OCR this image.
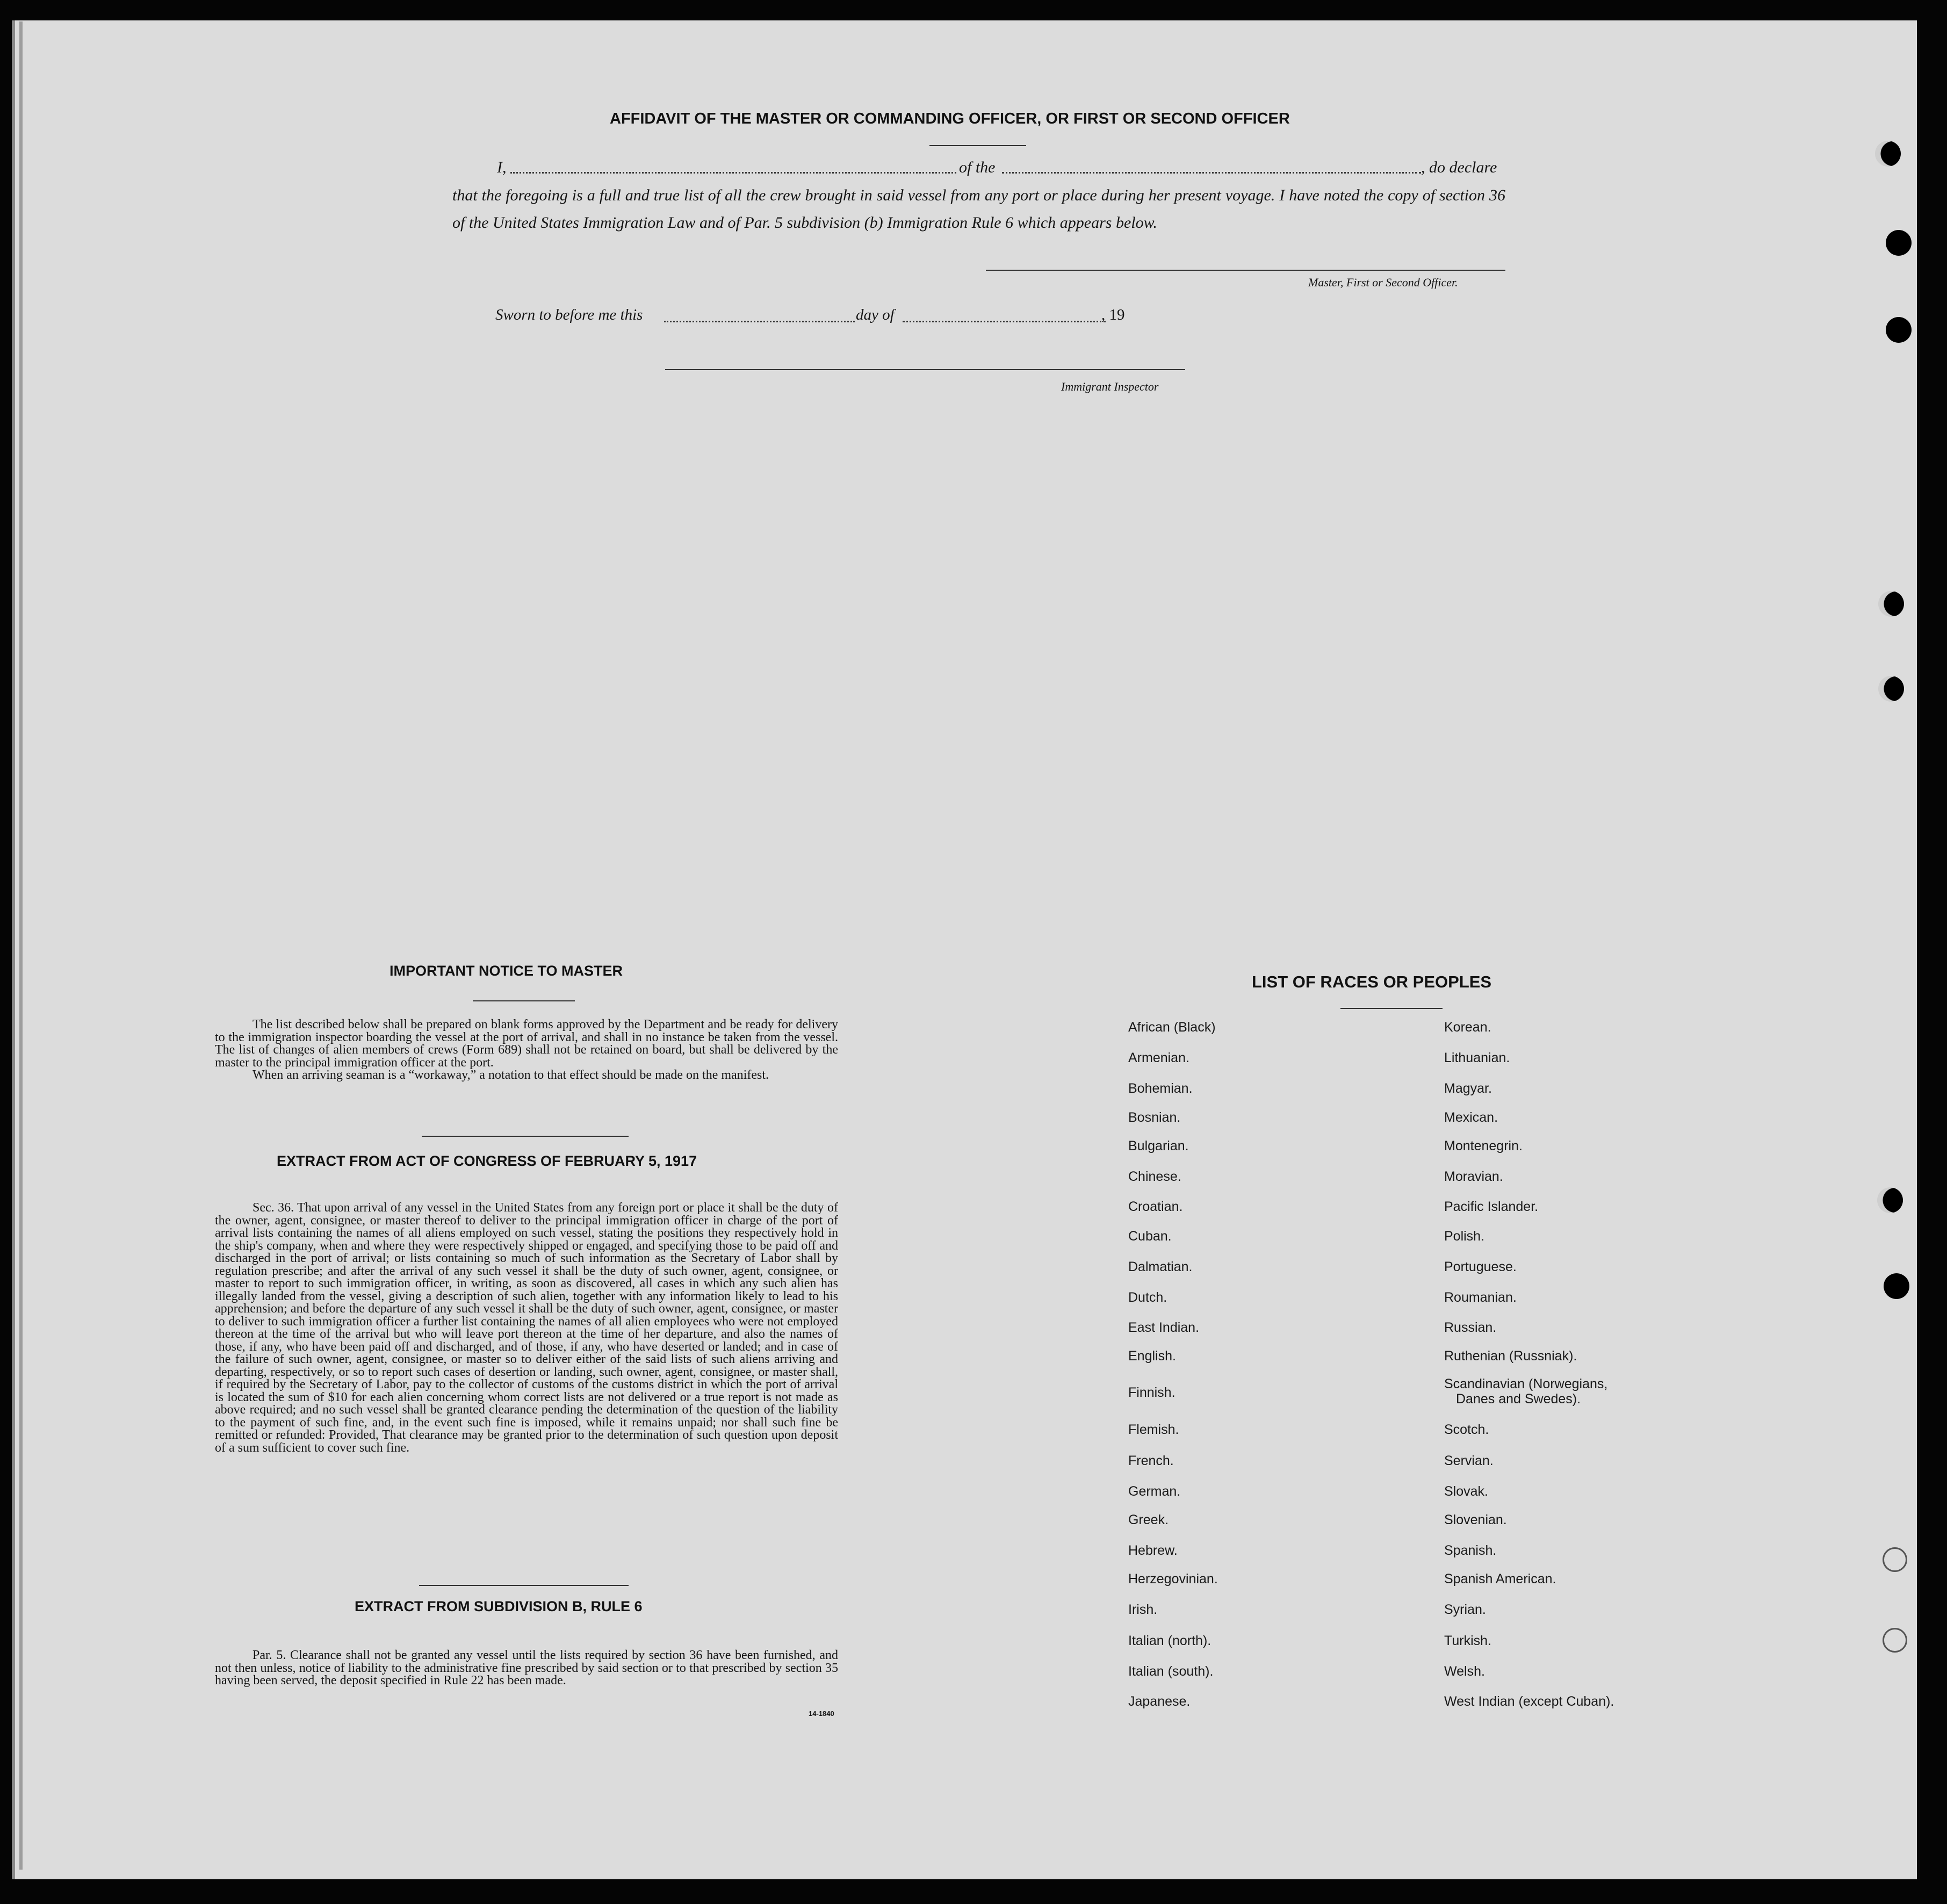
AFFIDAVIT OF THE MASTER OR COMMANDING OFFICER, OR FIRST OR SECOND OFFICER
I,	of the	, do declare
that the foregoing is a full and true list of all the crew brought in said vessel from any port or place during her present voyage. I have noted the copy of section 36 of the United States Immigration Law and of Par. 5 subdivision (b) Immigration Rule 6 which appears below.
Master, First or Second Officer.
Sworn to before me this	day of	, 19
Immigrant Inspector
IMPORTANT NOTICE TO MASTER

The list described below shall be prepared on blank forms approved by the Department and be ready for delivery to the immigration inspector boarding the vessel at the port of arrival, and shall in no instance be taken from the vessel. The list of changes of alien members of crews (Form 689) shall not be retained on board, but shall be delivered by the master to the principal immigration officer at the port.

When an arriving seaman is a “workaway,” a notation to that effect should be made on the manifest.

EXTRACT FROM ACT OF CONGRESS OF FEBRUARY 5, 1917

Sec. 36. That upon arrival of any vessel in the United States from any foreign port or place it shall be the duty of the owner, agent, consignee, or master thereof to deliver to the principal immigration officer in charge of the port of arrival lists containing the names of all aliens employed on such vessel, stating the positions they respectively hold in the ship's company, when and where they were respectively shipped or engaged, and specifying those to be paid off and discharged in the port of arrival; or lists containing so much of such information as the Secretary of Labor shall by regulation prescribe; and after the arrival of any such vessel it shall be the duty of such owner, agent, consignee, or master to report to such immigration officer, in writing, as soon as discovered, all cases in which any such alien has illegally landed from the vessel, giving a description of such alien, together with any information likely to lead to his apprehension; and before the departure of any such vessel it shall be the duty of such owner, agent, consignee, or master to deliver to such immigration officer a further list containing the names of all alien employees who were not employed thereon at the time of the arrival but who will leave port thereon at the time of her departure, and also the names of those, if any, who have been paid off and discharged, and of those, if any, who have deserted or landed; and in case of the failure of such owner, agent, consignee, or master so to deliver either of the said lists of such aliens arriving and departing, respectively, or so to report such cases of desertion or landing, such owner, agent, consignee, or master shall, if required by the Secretary of Labor, pay to the collector of customs of the customs district in which the port of arrival is located the sum of $10 for each alien concerning whom correct lists are not delivered or a true report is not made as above required; and no such vessel shall be granted clearance pending the determination of the question of the liability to the payment of such fine, and, in the event such fine is imposed, while it remains unpaid; nor shall such fine be remitted or refunded: Provided, That clearance may be granted prior to the determination of such question upon deposit of a sum sufficient to cover such fine.

EXTRACT FROM SUBDIVISION B, RULE 6

Par. 5. Clearance shall not be granted any vessel until the lists required by section 36 have been furnished, and not then unless, notice of liability to the administrative fine prescribed by said section or to that prescribed by section 35 having been served, the deposit specified in Rule 22 has been made.

14-1840
LIST OF RACES OR PEOPLES
African (Black)
Armenian.
Bohemian.
Bosnian.
Bulgarian.
Chinese.
Croatian.
Cuban.
Dalmatian.
Dutch.
East Indian.
English.
Finnish.
Flemish.
French.
German.
Greek.
Hebrew.
Herzegovinian.
Irish.
Italian (north).
Italian (south).
Japanese.
Korean.
Lithuanian.
Magyar.
Mexican.
Montenegrin.
Moravian.
Pacific Islander.
Polish.
Portuguese.
Roumanian.
Russian.
Ruthenian (Russniak).
Scandinavian (Norwegians,
Danes and Swedes).
Scotch.
Servian.
Slovak.
Slovenian.
Spanish.
Spanish American.
Syrian.
Turkish.
Welsh.
West Indian (except Cuban).
